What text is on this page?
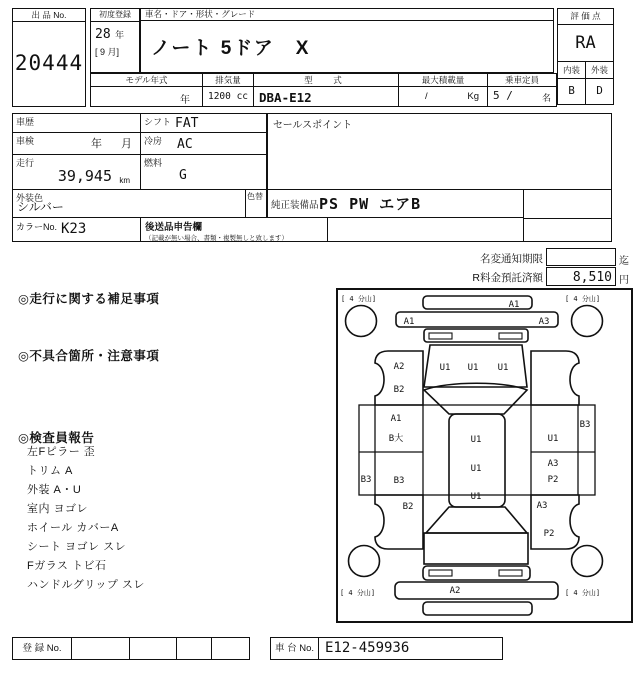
出 品 No.
20444
初度登録
28 年
[ 9 月]
車名・ドア・形状・グレード
ノート 5ドア　X
モデル年式
年
排気量
1200 cc
型　式
DBA-E12
最大積載量
/	Kg
乗車定員
5 /	名
評 価 点
RA
内装	外装
B	D
車歴	シフト FAT
車検	年 月 冷房 AC
走行
39,945 km
燃料
G
外装色
シルバー
色替
セールスポイント
純正装備品 PS PW エアB
カラーNo. K23	後送品申告欄
（記載が無い場合、書類・複製無しと致します）
名変通知期限	迄
R料金預託済額	8,510 円
◎走行に関する補足事項
◎不具合箇所・注意事項
◎検査員報告
左Fピラー 歪
トリム A
外装 A・U
室内 ヨゴレ
ホイール カバーA
シート ヨゴレ スレ
Fガラス トビ石
ハンドルグリップ スレ
[ 4 分山]	[ 4 分山]
[ 4 分山]	[ 4 分山]
A1
A1	A3
A2
B2
U1 U1 U1
A1
B大
B3 B3
U1
U1
U1
U1
A3
P2
B3
B2	A3
P2
A2
登 録 No.	車 台 No. E12-459936
